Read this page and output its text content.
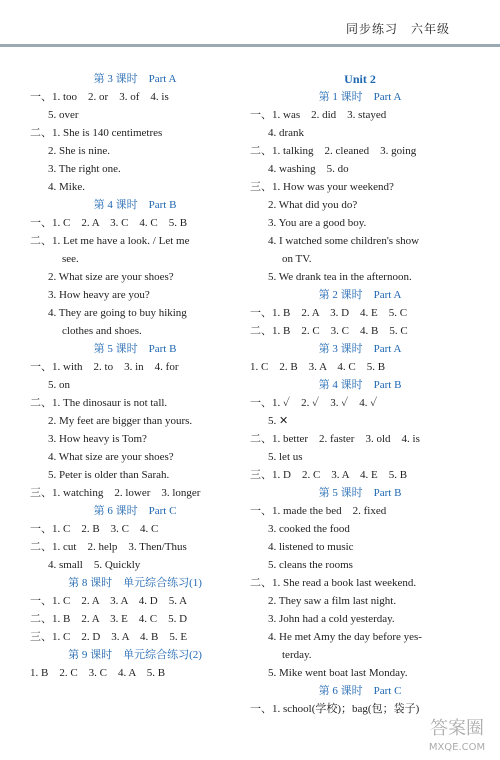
同步练习　六年级
第 3 课时　Part A
一、1. too　2. or　3. of　4. is
5. over
二、1. She is 140 centimetres
2. She is nine.
3. The right one.
4. Mike.
第 4 课时　Part B
一、1. C　2. A　3. C　4. C　5. B
二、1. Let me have a look. / Let me
see.
2. What size are your shoes?
3. How heavy are you?
4. They are going to buy hiking
clothes and shoes.
第 5 课时　Part B
一、1. with　2. to　3. in　4. for
5. on
二、1. The dinosaur is not tall.
2. My feet are bigger than yours.
3. How heavy is Tom?
4. What size are your shoes?
5. Peter is older than Sarah.
三、1. watching　2. lower　3. longer
第 6 课时　Part C
一、1. C　2. B　3. C　4. C
二、1. cut　2. help　3. Then/Thus
4. small　5. Quickly
第 8 课时　单元综合练习(1)
一、1. C　2. A　3. A　4. D　5. A
二、1. B　2. A　3. E　4. C　5. D
三、1. C　2. D　3. A　4. B　5. E
第 9 课时　单元综合练习(2)
1. B　2. C　3. C　4. A　5. B
Unit 2
第 1 课时　Part A
一、1. was　2. did　3. stayed
4. drank
二、1. talking　2. cleaned　3. going
4. washing　5. do
三、1. How was your weekend?
2. What did you do?
3. You are a good boy.
4. I watched some children's show
on TV.
5. We drank tea in the afternoon.
第 2 课时　Part A
一、1. B　2. A　3. D　4. E　5. C
二、1. B　2. C　3. C　4. B　5. C
第 3 课时　Part A
1. C　2. B　3. A　4. C　5. B
第 4 课时　Part B
一、1. ✓　2. ✓　3. ✓　4. ✓
5. ✕
二、1. better　2. faster　3. old　4. is
5. let us
三、1. D　2. C　3. A　4. E　5. B
第 5 课时　Part B
一、1. made the bed　2. fixed
3. cooked the food
4. listened to music
5. cleans the rooms
二、1. She read a book last weekend.
2. They saw a film last night.
3. John had a cold yesterday.
4. He met Amy the day before yes-
terday.
5. Mike went boat last Monday.
第 6 课时　Part C
一、1. school(学校)；bag(包；袋子)
答案圈
MXQE.COM
